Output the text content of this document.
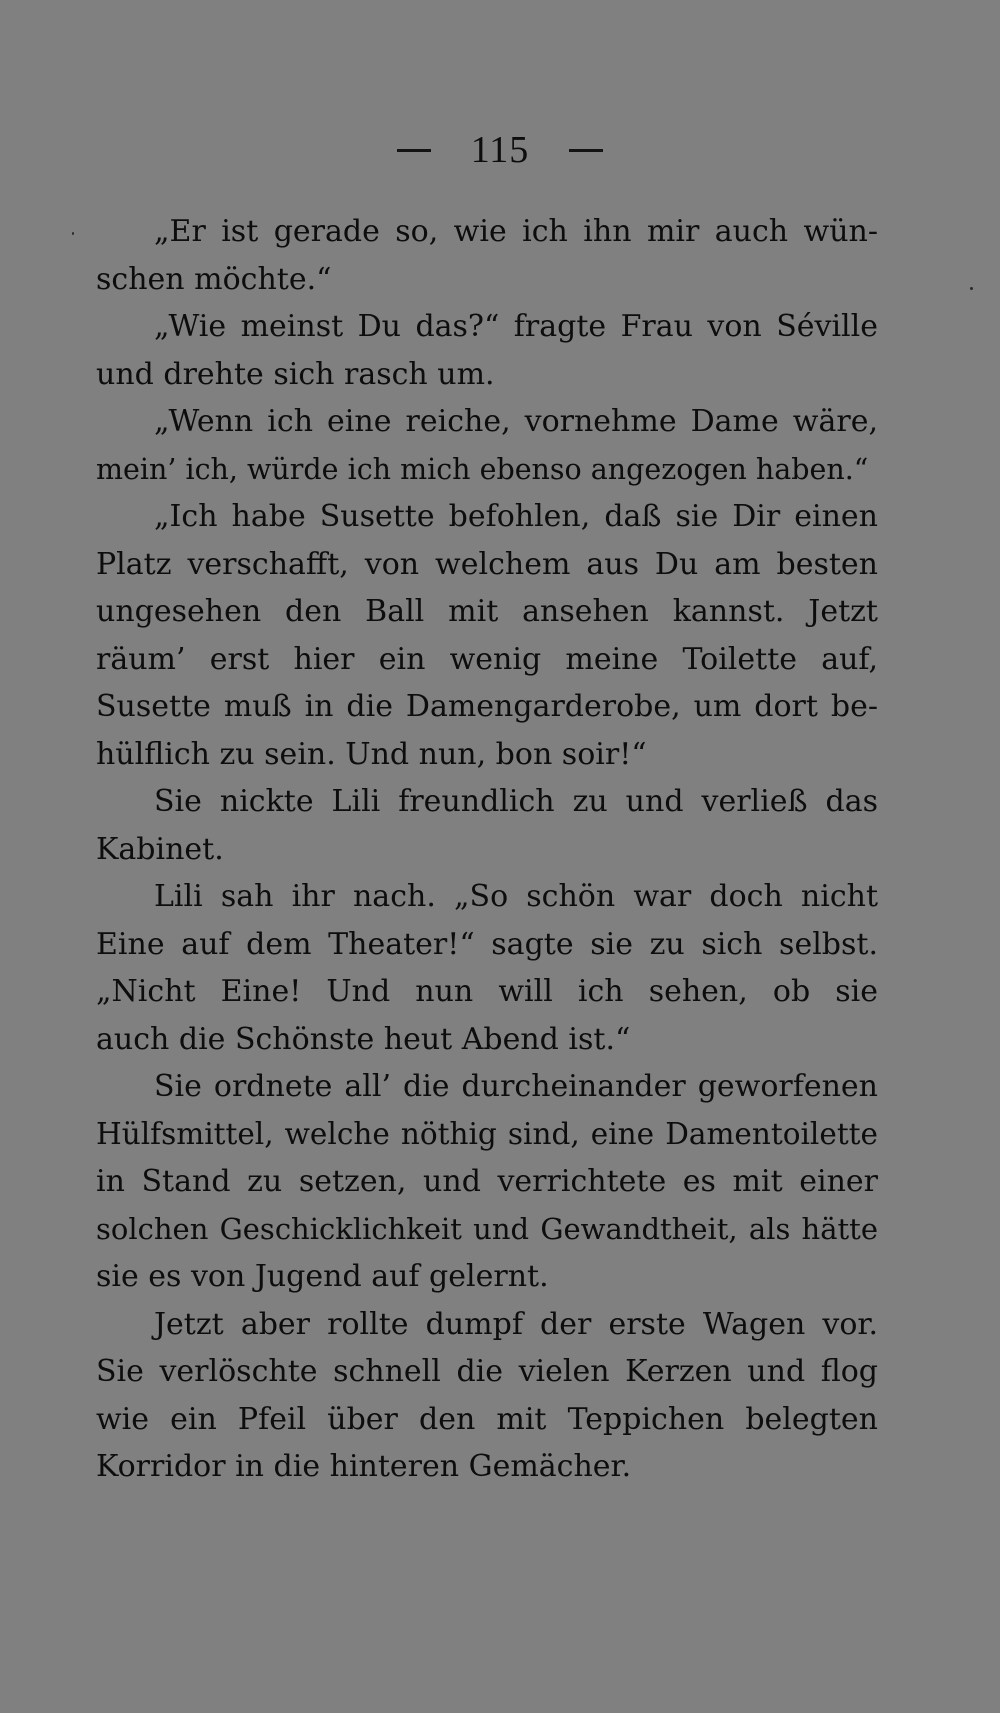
115
„Er ist gerade so, wie ich ihn mir auch wün-
schen möchte.“
„Wie meinst Du das?“ fragte Frau von Séville
und drehte sich rasch um.
„Wenn ich eine reiche, vornehme Dame wäre,
mein’ ich, würde ich mich ebenso angezogen haben.“
„Ich habe Susette befohlen, daß sie Dir einen
Platz verschafft, von welchem aus Du am besten
ungesehen den Ball mit ansehen kannst. Jetzt
räum’ erst hier ein wenig meine Toilette auf,
Susette muß in die Damengarderobe, um dort be-
hülflich zu sein. Und nun, bon soir!“
Sie nickte Lili freundlich zu und verließ das
Kabinet.
Lili sah ihr nach. „So schön war doch nicht
Eine auf dem Theater!“ sagte sie zu sich selbst.
„Nicht Eine! Und nun will ich sehen, ob sie
auch die Schönste heut Abend ist.“
Sie ordnete all’ die durcheinander geworfenen
Hülfsmittel, welche nöthig sind, eine Damentoilette
in Stand zu setzen, und verrichtete es mit einer
solchen Geschicklichkeit und Gewandtheit, als hätte
sie es von Jugend auf gelernt.
Jetzt aber rollte dumpf der erste Wagen vor.
Sie verlöschte schnell die vielen Kerzen und flog
wie ein Pfeil über den mit Teppichen belegten
Korridor in die hinteren Gemächer.
